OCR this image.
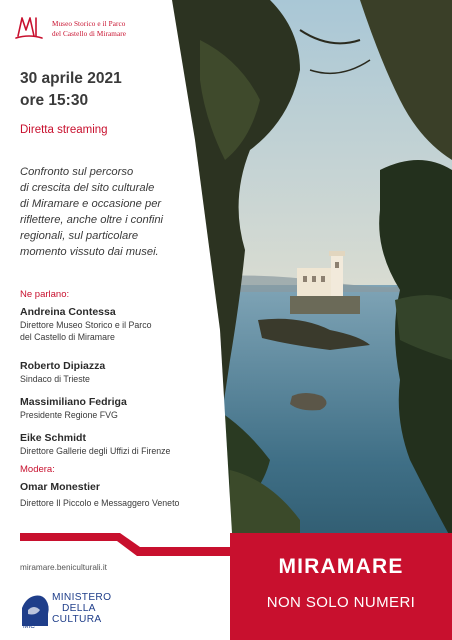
Museo Storico e il Parco
del Castello di Miramare
30 aprile 2021
ore 15:30
Diretta streaming
Confronto sul percorso
di crescita del sito culturale
di Miramare e occasione per
riflettere, anche oltre i confini
regionali, sul particolare
momento vissuto dai musei.
Ne parlano:
Andreina Contessa
Direttore Museo Storico e il Parco
del Castello di Miramare
Roberto Dipiazza
Sindaco di Trieste
Massimiliano Fedriga
Presidente Regione FVG
Eike Schmidt
Direttore Gallerie degli Uffizi di Firenze
Modera:
Omar Monestier
Direttore Il Piccolo e Messaggero Veneto
miramare.beniculturali.it
MIC
MINISTERO
DELLA
CULTURA
MIRAMARE
NON SOLO NUMERI
